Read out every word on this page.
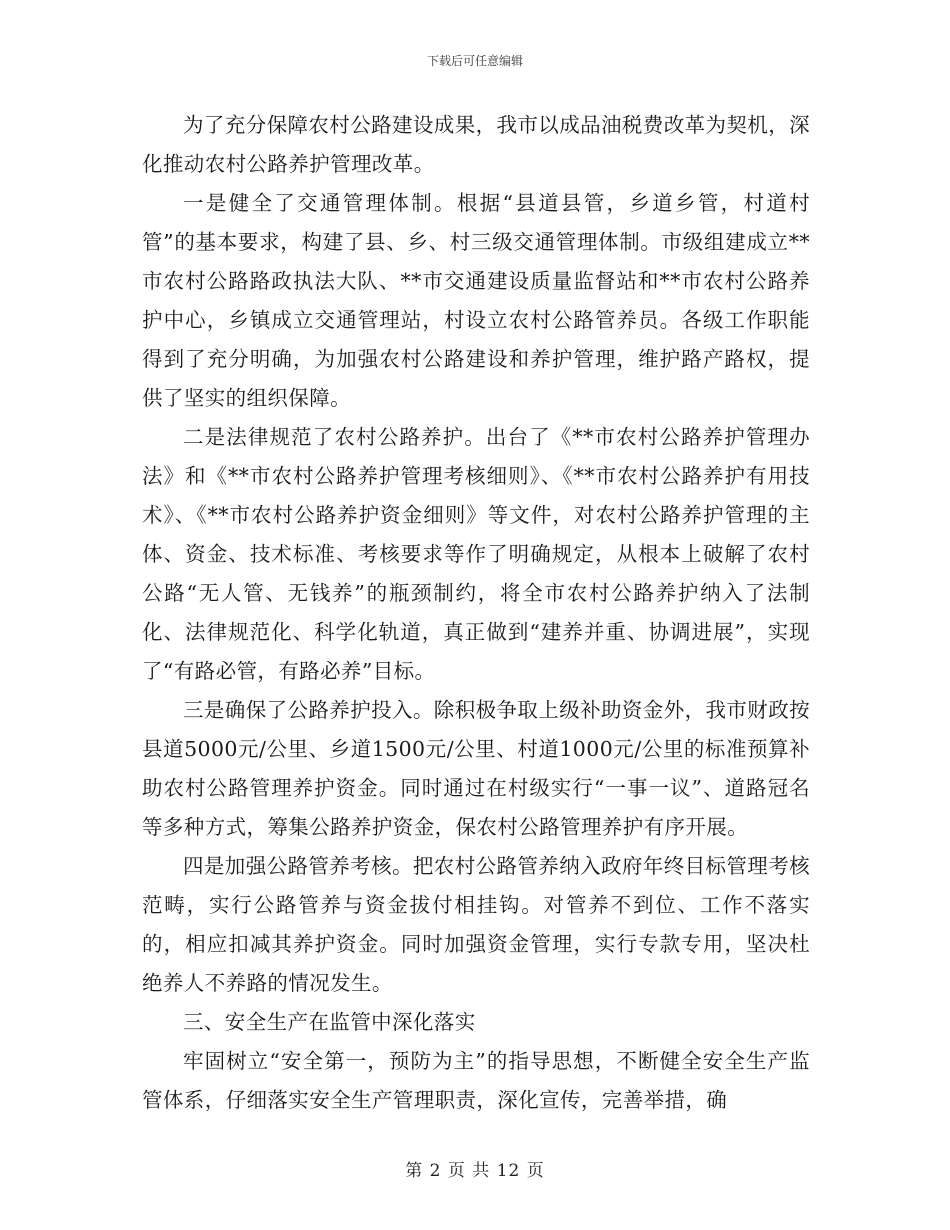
下载后可任意编辑

为了充分保障农村公路建设成果，我市以成品油税费改革为契机，深化推动农村公路养护管理改革。

一是健全了交通管理体制。根据“县道县管，乡道乡管，村道村管”的基本要求，构建了县、乡、村三级交通管理体制。市级组建成立**市农村公路路政执法大队、**市交通建设质量监督站和**市农村公路养护中心，乡镇成立交通管理站，村设立农村公路管养员。各级工作职能得到了充分明确，为加强农村公路建设和养护管理，维护路产路权，提供了坚实的组织保障。

二是法律规范了农村公路养护。出台了《**市农村公路养护管理办法》和《**市农村公路养护管理考核细则》、《**市农村公路养护有用技术》、《**市农村公路养护资金细则》等文件，对农村公路养护管理的主体、资金、技术标准、考核要求等作了明确规定，从根本上破解了农村公路“无人管、无钱养”的瓶颈制约，将全市农村公路养护纳入了法制化、法律规范化、科学化轨道，真正做到“建养并重、协调进展”，实现了“有路必管，有路必养”目标。

三是确保了公路养护投入。除积极争取上级补助资金外，我市财政按县道5000元/公里、乡道1500元/公里、村道1000元/公里的标准预算补助农村公路管理养护资金。同时通过在村级实行“一事一议”、道路冠名等多种方式，筹集公路养护资金，保农村公路管理养护有序开展。

四是加强公路管养考核。把农村公路管养纳入政府年终目标管理考核范畴，实行公路管养与资金拔付相挂钩。对管养不到位、工作不落实的，相应扣减其养护资金。同时加强资金管理，实行专款专用，坚决杜绝养人不养路的情况发生。

三、安全生产在监管中深化落实

牢固树立“安全第一，预防为主”的指导思想，不断健全安全生产监管体系，仔细落实安全生产管理职责，深化宣传，完善举措，确

第 2 页 共 12 页
